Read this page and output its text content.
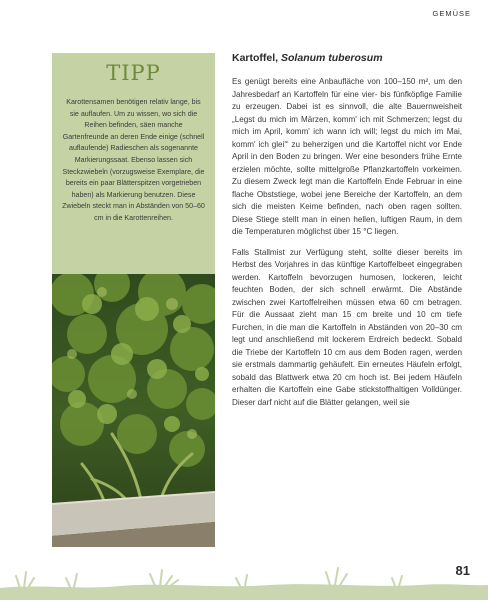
GEMÜSE
TIPP

Karottensamen benötigen relativ lange, bis sie auflaufen. Um zu wissen, wo sich die Reihen befinden, säen manche Gartenfreunde an deren Ende einige (schnell auflaufende) Radieschen als sogenannte Markierungssaat. Ebenso lassen sich Steckzwiebeln (vorzugsweise Exemplare, die bereits ein paar Blätterspitzen vorgetrieben haben) als Markierung benutzen. Diese Zwiebeln steckt man in Abständen von 50–60 cm in die Karottenreihen.

Kartoffel, Solanum tuberosum

Es genügt bereits eine Anbaufläche von 100–150 m², um den Jahresbedarf an Kartoffeln für eine vier- bis fünfköpfige Familie zu erzeugen. Dabei ist es sinnvoll, die alte Bauernweisheit „Legst du mich im Märzen, komm' ich mit Schmerzen; legst du mich im April, komm' ich wann ich will; legst du mich im Mai, komm' ich glei'“ zu beherzigen und die Kartoffel nicht vor Ende April in den Boden zu bringen. Wer eine besonders frühe Ernte erzielen möchte, sollte mittelgroße Pflanzkartoffeln vorkeimen. Zu diesem Zweck legt man die Kartoffeln Ende Februar in eine flache Obststiege, wobei jene Bereiche der Kartoffeln, an dem sich die meisten Keime befinden, nach oben ragen sollten. Diese Stiege stellt man in einen hellen, luftigen Raum, in dem die Temperaturen möglichst über 15 °C liegen.

Falls Stallmist zur Verfügung steht, sollte dieser bereits im Herbst des Vorjahres in das künftige Kartoffelbeet eingegraben werden. Kartoffeln bevorzugen humosen, lockeren, leicht feuchten Boden, der sich schnell erwärmt. Die Abstände zwischen zwei Kartoffelreihen müssen etwa 60 cm betragen. Für die Aussaat zieht man 15 cm breite und 10 cm tiefe Furchen, in die man die Kartoffeln in Abständen von 20–30 cm legt und anschließend mit lockerem Erdreich bedeckt. Sobald die Triebe der Kartoffeln 10 cm aus dem Boden ragen, werden sie erstmals dammartig gehäufelt. Ein erneutes Häufeln erfolgt, sobald das Blattwerk etwa 20 cm hoch ist. Bei jedem Häufeln erhalten die Kartoffeln eine Gabe stickstoffhaltigen Volldünger. Dieser darf nicht auf die Blätter gelangen, weil sie

81
